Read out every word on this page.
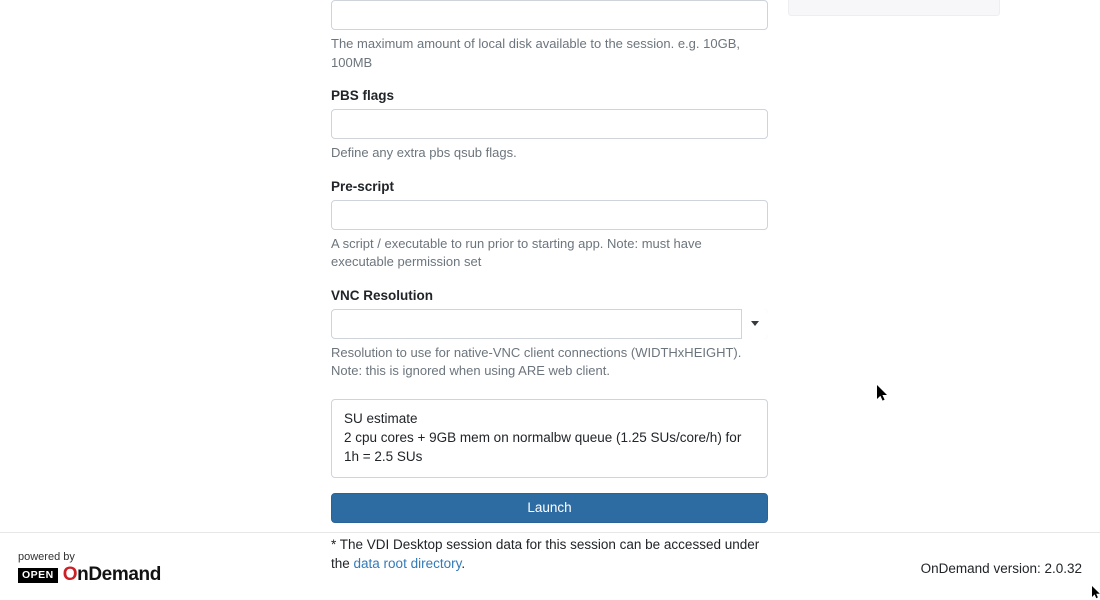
The maximum amount of local disk available to the session. e.g. 10GB, 100MB

PBS flags

Define any extra pbs qsub flags.

Pre-script

A script / executable to run prior to starting app. Note: must have executable permission set

VNC Resolution

Resolution to use for native-VNC client connections (WIDTHxHEIGHT). Note: this is ignored when using ARE web client.

SU estimate
2 cpu cores + 9GB mem on normalbw queue (1.25 SUs/core/h) for 1h = 2.5 SUs
Launch
* The VDI Desktop session data for this session can be accessed under the data root directory.
powered by
OPEN OnDemand	OnDemand version: 2.0.32
